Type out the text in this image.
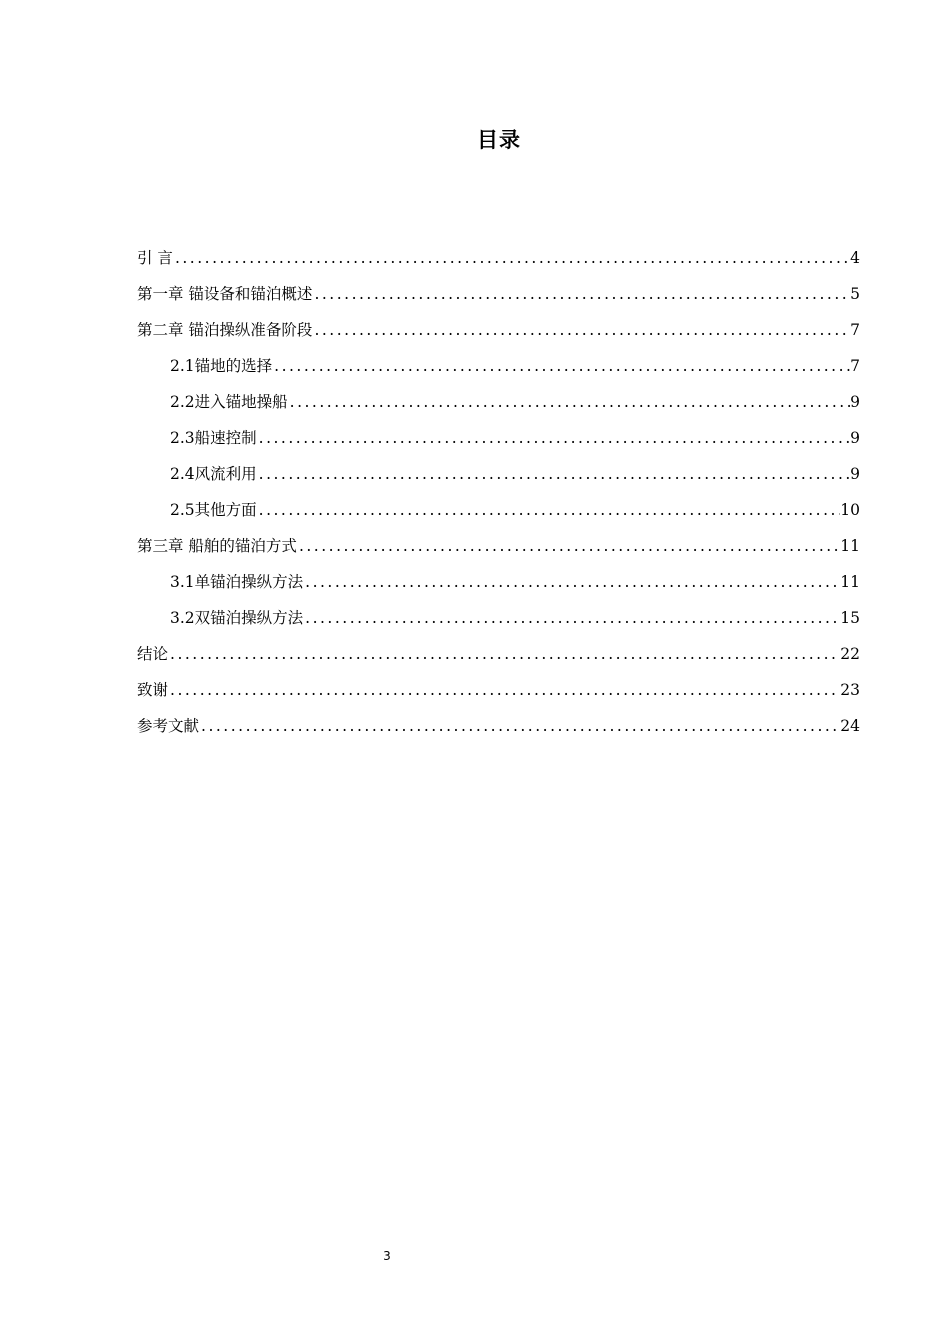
目录
引 言 .....	4
第一章 锚设备和锚泊概述 .....	5
第二章 锚泊操纵准备阶段 .....	7
2.1锚地的选择 .....	7
2.2进入锚地操船 .....	9
2.3船速控制 .....	9
2.4风流利用 .....	9
2.5其他方面 .....	10
第三章 船舶的锚泊方式 .....	11
3.1单锚泊操纵方法 .....	11
3.2双锚泊操纵方法 .....	15
结论 .....	22
致谢 .....	23
参考文献 .....	24
3
